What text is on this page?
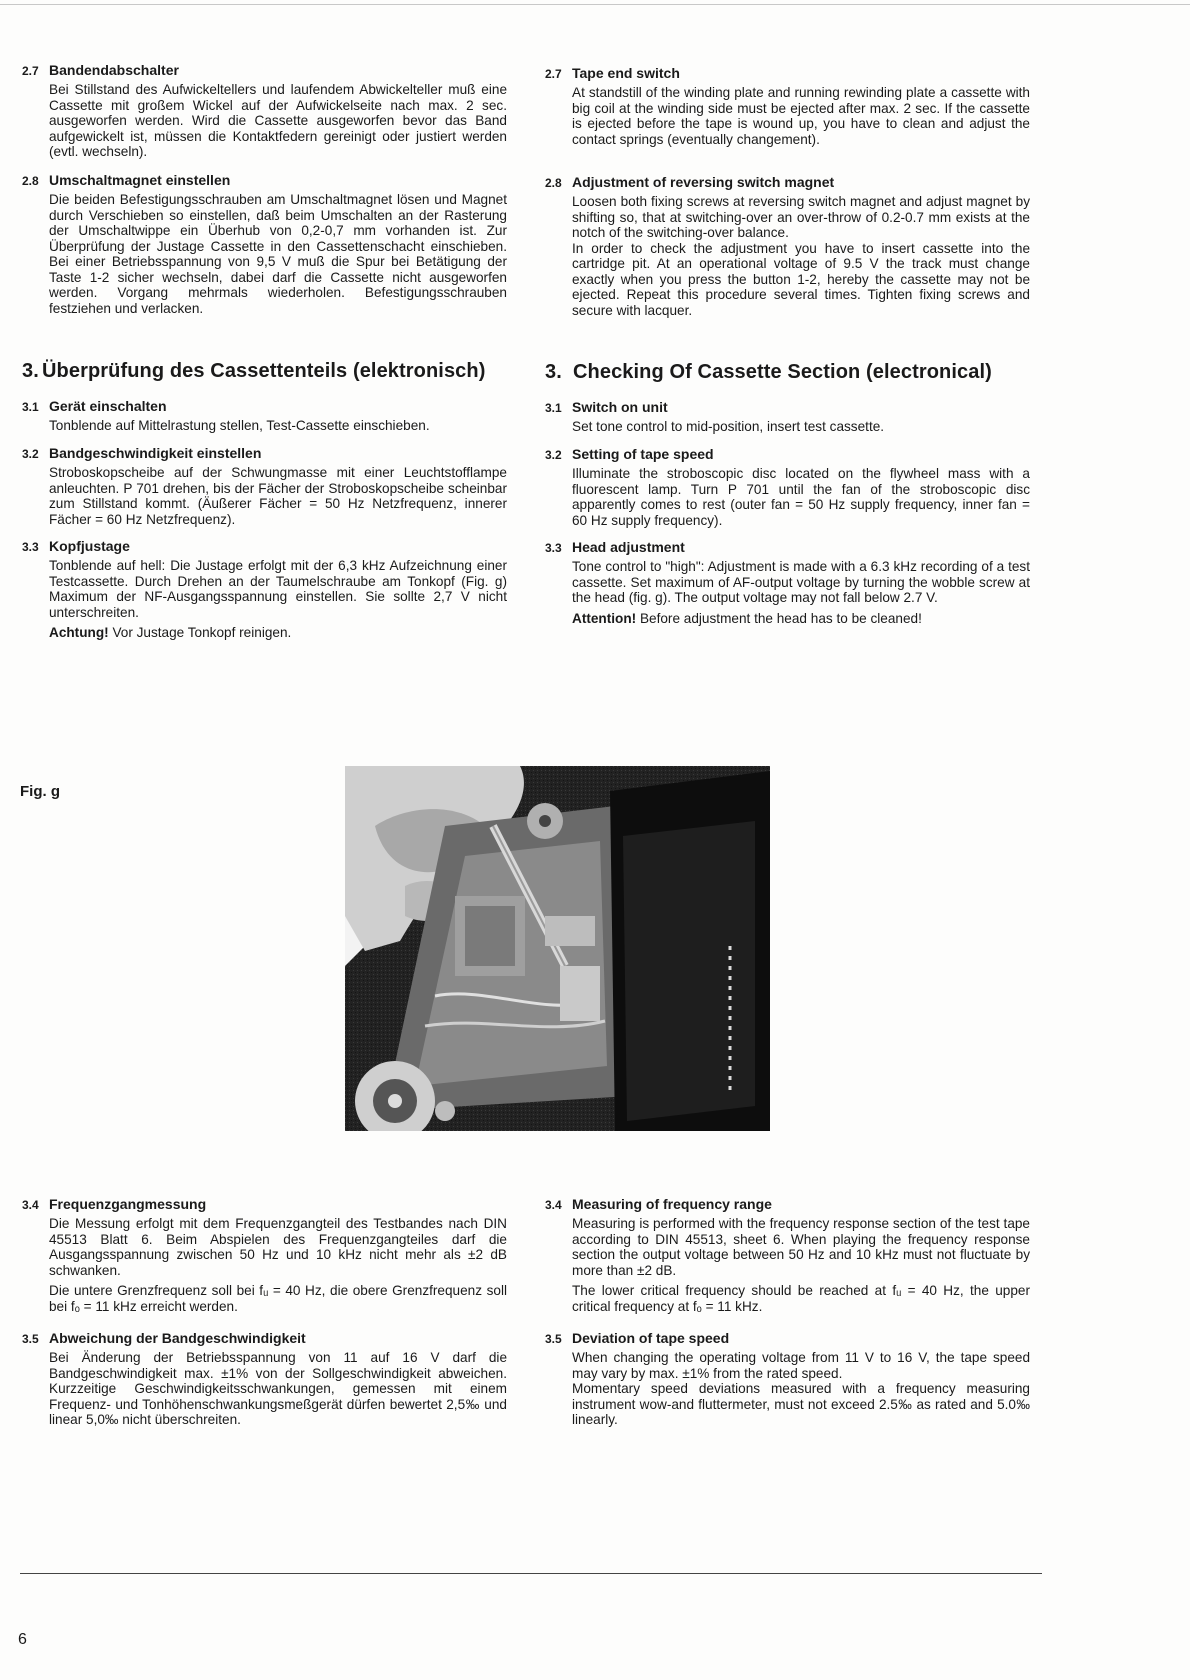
2.7 Bandendabschalter

Bei Stillstand des Aufwickeltellers und laufendem Abwickelteller muß eine Cassette mit großem Wickel auf der Aufwickelseite nach max. 2 sec. ausgeworfen werden. Wird die Cassette ausgeworfen bevor das Band aufgewickelt ist, müssen die Kontaktfedern gereinigt oder justiert werden (evtl. wechseln).

2.8 Umschaltmagnet einstellen

Die beiden Befestigungsschrauben am Umschaltmagnet lösen und Magnet durch Verschieben so einstellen, daß beim Umschalten an der Rasterung der Umschaltwippe ein Überhub von 0,2-0,7 mm vorhanden ist. Zur Überprüfung der Justage Cassette in den Cassettenschacht einschieben. Bei einer Betriebsspannung von 9,5 V muß die Spur bei Betätigung der Taste 1-2 sicher wechseln, dabei darf die Cassette nicht ausgeworfen werden. Vorgang mehrmals wiederholen. Befestigungsschrauben festziehen und verlacken.

3. Überprüfung des Cassettenteils (elektronisch)
3.1 Gerät einschalten

Tonblende auf Mittelrastung stellen, Test-Cassette einschieben.

3.2 Bandgeschwindigkeit einstellen

Stroboskopscheibe auf der Schwungmasse mit einer Leuchtstofflampe anleuchten. P 701 drehen, bis der Fächer der Stroboskopscheibe scheinbar zum Stillstand kommt. (Äußerer Fächer = 50 Hz Netzfrequenz, innerer Fächer = 60 Hz Netzfrequenz).

3.3 Kopfjustage

Tonblende auf hell: Die Justage erfolgt mit der 6,3 kHz Aufzeichnung einer Testcassette. Durch Drehen an der Taumelschraube am Tonkopf (Fig. g) Maximum der NF-Ausgangsspannung einstellen. Sie sollte 2,7 V nicht unterschreiten.

Achtung! Vor Justage Tonkopf reinigen.

3.4 Frequenzgangmessung

Die Messung erfolgt mit dem Frequenzgangteil des Testbandes nach DIN 45513 Blatt 6. Beim Abspielen des Frequenzgangteiles darf die Ausgangsspannung zwischen 50 Hz und 10 kHz nicht mehr als ±2 dB schwanken.

Die untere Grenzfrequenz soll bei fᵤ = 40 Hz, die obere Grenzfrequenz soll bei fₒ = 11 kHz erreicht werden.

3.5 Abweichung der Bandgeschwindigkeit

Bei Änderung der Betriebsspannung von 11 auf 16 V darf die Bandgeschwindigkeit max. ±1% von der Sollgeschwindigkeit abweichen. Kurzzeitige Geschwindigkeitsschwankungen, gemessen mit einem Frequenz- und Tonhöhenschwankungsmeßgerät dürfen bewertet 2,5‰ und linear 5,0‰ nicht überschreiten.

2.7 Tape end switch

At standstill of the winding plate and running rewinding plate a cassette with big coil at the winding side must be ejected after max. 2 sec. If the cassette is ejected before the tape is wound up, you have to clean and adjust the contact springs (eventually changement).

2.8 Adjustment of reversing switch magnet

Loosen both fixing screws at reversing switch magnet and adjust magnet by shifting so, that at switching-over an over-throw of 0.2-0.7 mm exists at the notch of the switching-over balance.

In order to check the adjustment you have to insert cassette into the cartridge pit. At an operational voltage of 9.5 V the track must change exactly when you press the button 1-2, hereby the cassette may not be ejected. Repeat this procedure several times. Tighten fixing screws and secure with lacquer.

3. Checking Of Cassette Section (electronical)
3.1 Switch on unit

Set tone control to mid-position, insert test cassette.

3.2 Setting of tape speed

Illuminate the stroboscopic disc located on the flywheel mass with a fluorescent lamp. Turn P 701 until the fan of the stroboscopic disc apparently comes to rest (outer fan = 50 Hz supply frequency, inner fan = 60 Hz supply frequency).

3.3 Head adjustment

Tone control to "high": Adjustment is made with a 6.3 kHz recording of a test cassette. Set maximum of AF-output voltage by turning the wobble screw at the head (fig. g). The output voltage may not fall below 2.7 V.

Attention! Before adjustment the head has to be cleaned!

3.4 Measuring of frequency range

Measuring is performed with the frequency response section of the test tape according to DIN 45513, sheet 6. When playing the frequency response section the output voltage between 50 Hz and 10 kHz must not fluctuate by more than ±2 dB.

The lower critical frequency should be reached at fᵤ = 40 Hz, the upper critical frequency at fₒ = 11 kHz.

3.5 Deviation of tape speed

When changing the operating voltage from 11 V to 16 V, the tape speed may vary by max. ±1% from the rated speed.

Momentary speed deviations measured with a frequency measuring instrument wow-and fluttermeter, must not exceed 2.5‰ as rated and 5.0‰ linearly.

Fig. g
6
